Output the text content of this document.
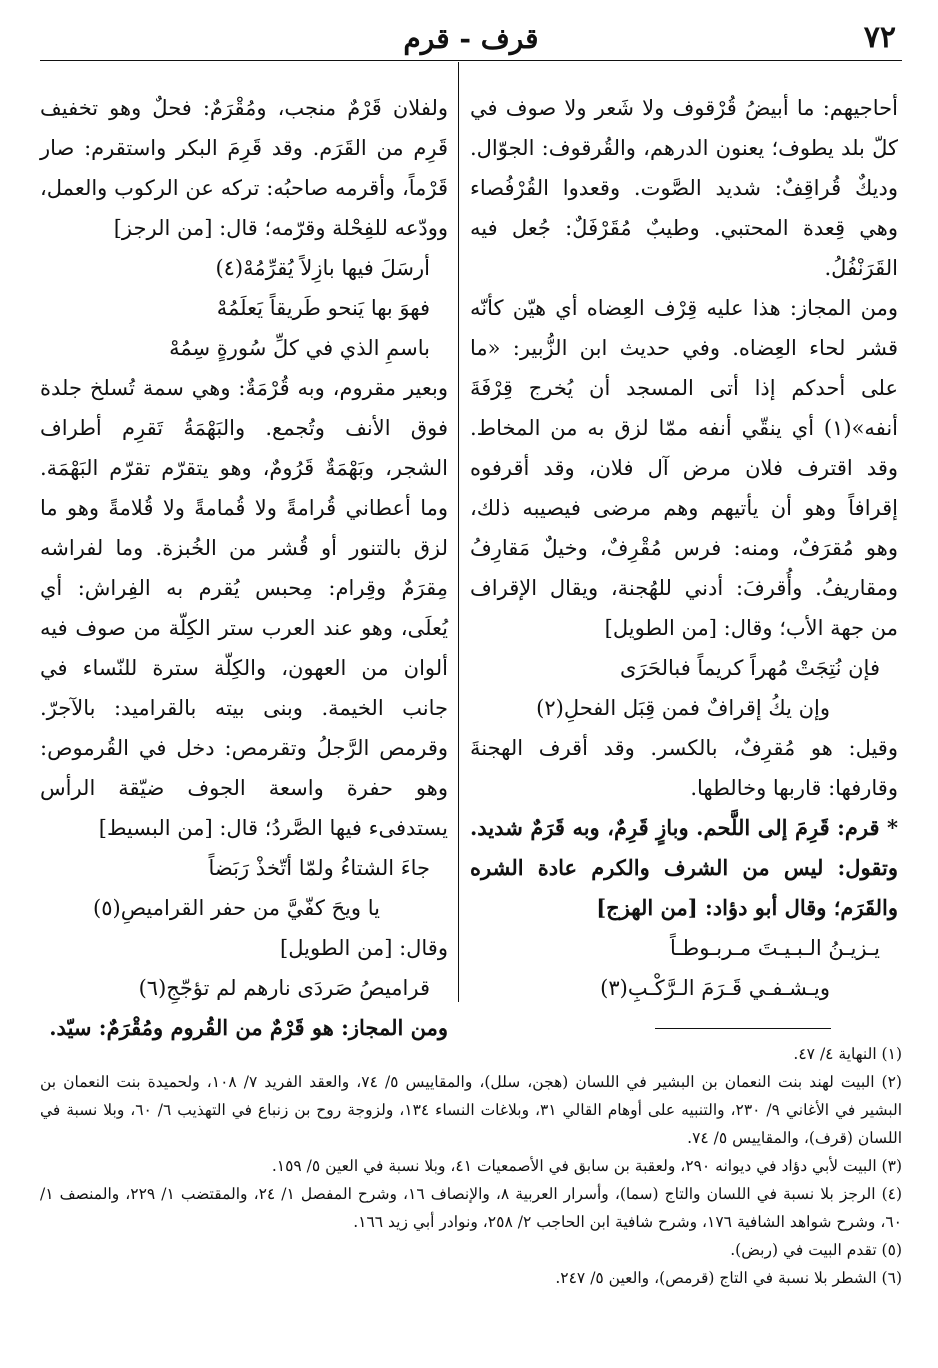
قرف - قرم	٧٢

أحاجيهم: ما أبيضُ قُرْقوف ولا شَعر ولا صوف في كلّ بلد يطوف؛ يعنون الدرهم، والقُرقوف: الجوّال. وديكٌ قُراقِفٌ: شديد الصَّوت. وقعدوا القُرْفُصاء وهي قِعدة المحتبي. وطيبٌ مُقَرْفَلٌ: جُعل فيه القَرَنْفُلُ.

ومن المجاز: هذا عليه قِرْف العِضاه أي هيّن كأنّه قشر لحاء العِضاه. وفي حديث ابن الزُّبير: «ما على أحدكم إذا أتى المسجد أن يُخرج قِرْفَةَ أنفه»(١) أي ينقّي أنفه ممّا لزق به من المخاط. وقد اقترف فلان مرض آل فلان، وقد أقرفوه إقرافاً وهو أن يأتيهم وهم مرضى فيصيبه ذلك، وهو مُقرَفٌ، ومنه: فرس مُقْرِفٌ، وخيلٌ مَقارِفُ ومقاريفُ. وأُقرفَ: أدني للهُجنة، ويقال الإقراف من جهة الأب؛ وقال: [من الطويل]

فإن نُتِجَتْ مُهراً كريماً فبالحَرَى
وإن يكُ إقرافٌ فمن قِبَل الفحلِ(٢)

وقيل: هو مُقرِفٌ، بالكسر. وقد أقرف الهجنةَ وقارفها: قاربها وخالطها.

* قرم: قَرِمَ إلى اللَّحم. وبازٍ قَرِمٌ، وبه قَرَمٌ شديد. وتقول: ليس من الشرف والكرم عادة الشره والقَرَم؛ وقال أبو دؤاد: [من الهزج]

يـزيـنُ الـبـيـتَ مـربـوطـاً
ويـشـفـي قَـرَمَ الـرَّكْـبِ(٣)

ولفلان قَرْمٌ منجب، ومُقْرَمٌ: فحلٌ وهو تخفيف قَرِم من القَرَم. وقد قَرِمَ البكر واستقرم: صار قَرْماً، وأقرمه صاحبُه: تركه عن الركوب والعمل، وودّعه للفِحْلة وقرّمه؛ قال: [من الرجز]

أرسَلَ فيها بازِلاً يُقرِّمُهْ(٤)
فهوَ بها يَنحو طَريقاً يَعلَمُهْ
باسمِ الذي في كلِّ سُورةٍ سِمُهْ

وبعير مقروم، وبه قُرْمَةٌ: وهي سمة تُسلخ جلدة فوق الأنف وتُجمع. والبَهْمَةُ تَقرِم أطراف الشجر، وبَهْمَةٌ قَرُومٌ، وهو يتقرّم تقرّم البَهْمَة. وما أعطاني قُرامةً ولا قُمامةً ولا قُلامةً وهو ما لزق بالتنور أو قُشر من الخُبزة. وما لفراشه مِقرَمٌ وقِرام: مِحبس يُقرم به الفِراش: أي يُعلَى، وهو عند العرب ستر الكِلّة من صوف فيه ألوان من العهون، والكِلّة سترة للنّساء في جانب الخيمة. وبنى بيته بالقراميد: بالآجرّ. وقرمص الرَّجلُ وتقرمص: دخل في القُرموص: وهو حفرة واسعة الجوف ضيّقة الرأس يستدفىء فيها الصَّردُ؛ قال: [من البسيط]

جاءَ الشتاءُ ولمّا أتّخذْ رَبَضاً
يا ويحَ كفّيَّ من حفر القراميصِ(٥)

وقال: [من الطويل]

قراميصُ صَردَى نارهم لم تؤجّجِ(٦)

ومن المجاز: هو قَرْمٌ من القُروم ومُقْرَمٌ: سيّد.

(١) النهاية ٤/ ٤٧.

(٢) البيت لهند بنت النعمان بن البشير في اللسان (هجن، سلل)، والمقاييس ٥/ ٧٤، والعقد الفريد ٧/ ١٠٨، ولحميدة بنت النعمان بن البشير في الأغاني ٩/ ٢٣٠، والتنبيه على أوهام القالي ٣١، وبلاغات النساء ١٣٤، ولزوجة روح بن زنباع في التهذيب ٦/ ٦٠، وبلا نسبة في اللسان (قرف)، والمقاييس ٥/ ٧٤.

(٣) البيت لأبي دؤاد في ديوانه ٢٩٠، ولعقبة بن سابق في الأصمعيات ٤١، وبلا نسبة في العين ٥/ ١٥٩.

(٤) الرجز بلا نسبة في اللسان والتاج (سما)، وأسرار العربية ٨، والإنصاف ١٦، وشرح المفصل ١/ ٢٤، والمقتضب ١/ ٢٢٩، والمنصف ١/ ٦٠، وشرح شواهد الشافية ١٧٦، وشرح شافية ابن الحاجب ٢/ ٢٥٨، ونوادر أبي زيد ١٦٦.

(٥) تقدم البيت في (ربض).

(٦) الشطر بلا نسبة في التاج (قرمص)، والعين ٥/ ٢٤٧.
